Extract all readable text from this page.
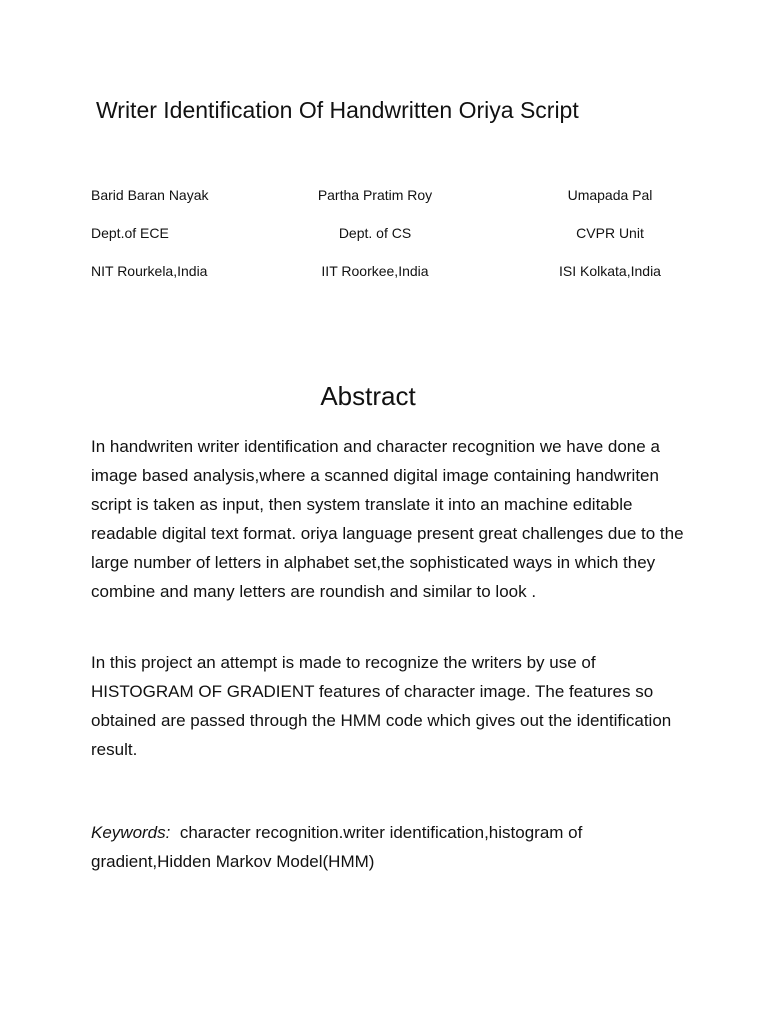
Writer Identification Of Handwritten Oriya Script
Barid Baran Nayak	Partha Pratim Roy	Umapada Pal
Dept.of ECE	Dept. of CS	CVPR Unit
NIT Rourkela,India	IIT Roorkee,India	ISI Kolkata,India
Abstract

In handwriten writer identification and character recognition we have done a image based analysis,where a scanned digital image containing handwriten script is taken as input, then system translate it into an machine editable readable digital text format. oriya language present great challenges due to the large number of letters in alphabet set,the sophisticated ways in which they combine and many letters are roundish and similar to look .

In this project an attempt is made to recognize the writers by use of HISTOGRAM OF GRADIENT features of character image. The features so obtained are passed through the HMM code which gives out the identification result.

Keywords:  character recognition.writer identification,histogram of gradient,Hidden Markov Model(HMM)
